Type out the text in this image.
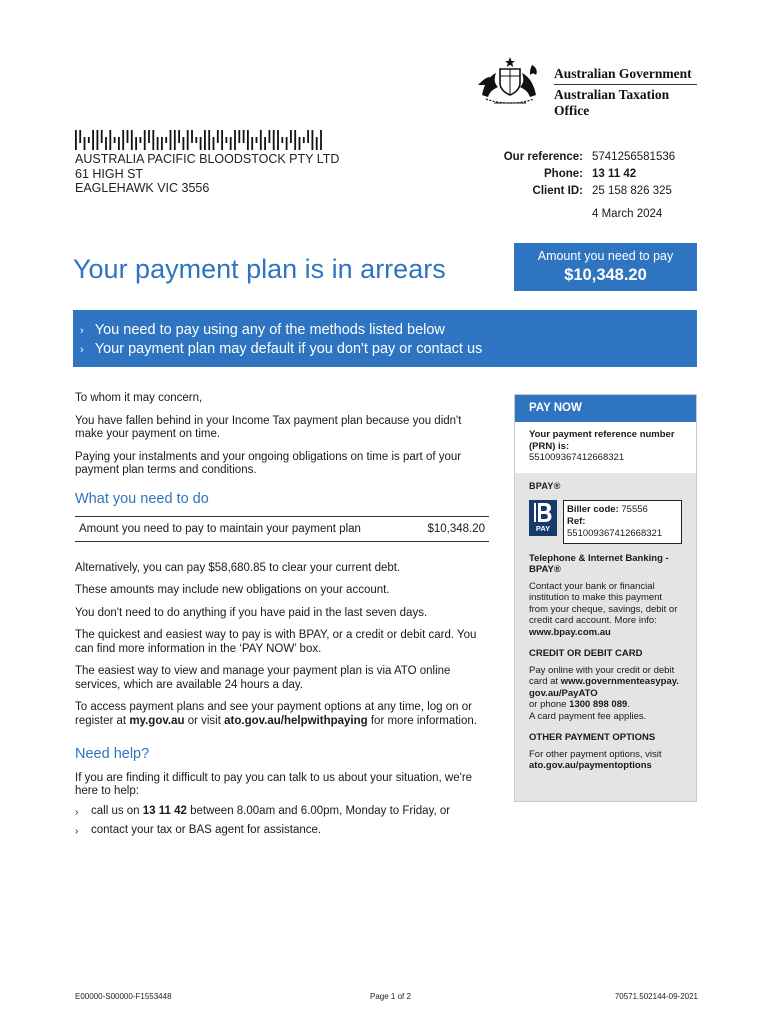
Australian Government
Australian Taxation Office
AUSTRALIA PACIFIC BLOODSTOCK PTY LTD
61 HIGH ST
EAGLEHAWK VIC 3556
Our reference: 5741256581536
Phone: 13 11 42
Client ID: 25 158 826 325
4 March 2024
Your payment plan is in arrears	Amount you need to pay
$10,348.20
› You need to pay using any of the methods listed below
› Your payment plan may default if you don't pay or contact us

To whom it may concern,

You have fallen behind in your Income Tax payment plan because you didn't make your payment on time.

Paying your instalments and your ongoing obligations on time is part of your payment plan terms and conditions.

What you need to do
Amount you need to pay to maintain your payment plan	$10,348.20

Alternatively, you can pay $58,680.85 to clear your current debt.

These amounts may include new obligations on your account.

You don't need to do anything if you have paid in the last seven days.

The quickest and easiest way to pay is with BPAY, or a credit or debit card. You can find more information in the ‘PAY NOW’ box.

The easiest way to view and manage your payment plan is via ATO online services, which are available 24 hours a day.

To access payment plans and see your payment options at any time, log on or register at my.gov.au or visit ato.gov.au/helpwithpaying for more information.

Need help?

If you are finding it difficult to pay you can talk to us about your situation, we're here to help:

› call us on 13 11 42 between 8.00am and 6.00pm, Monday to Friday, or
› contact your tax or BAS agent for assistance.
PAY NOW
Your payment reference number (PRN) is:
551009367412668321
BPAY®
PAY
Biller code: 75556
Ref: 551009367412668321
Telephone & Internet Banking - BPAY®
Contact your bank or financial institution to make this payment from your cheque, savings, debit or credit card account. More info: www.bpay.com.au
CREDIT OR DEBIT CARD
Pay online with your credit or debit card at www.governmenteasypay.gov.au/PayATO
or phone 1300 898 089.
A card payment fee applies.
OTHER PAYMENT OPTIONS
For other payment options, visit
ato.gov.au/paymentoptions
E00000-S00000-F1553448	Page 1 of 2	70571.502144-09-2021
